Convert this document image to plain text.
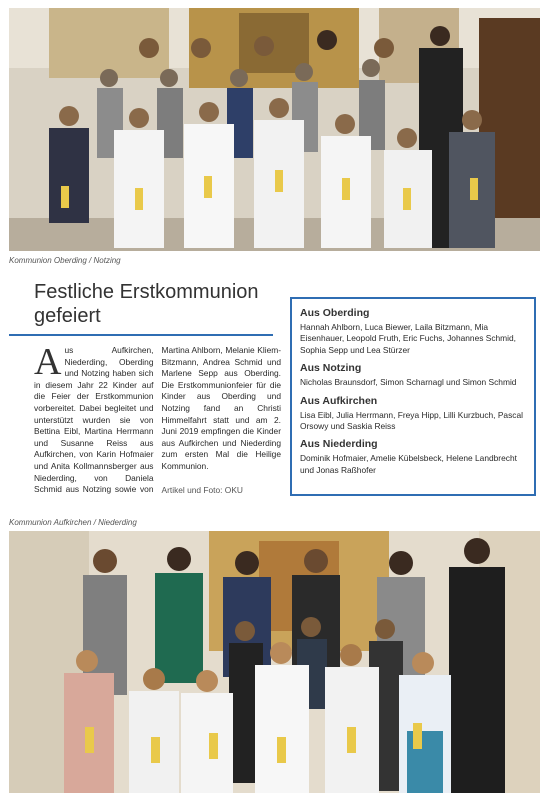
Kommunion Oberding / Notzing
Festliche Erstkommunion gefeiert

Aus Aufkirchen, Niederding, Oberding und Notzing haben sich in diesem Jahr 22 Kinder auf die Feier der Erstkommunion vorbereitet. Dabei begleitet und unterstützt wurden sie von Bettina Eibl, Martina Herrmann und Susanne Reiss aus Aufkirchen, von Karin Hofmaier und Anita Kollmannsberger aus Niederding, von Daniela Schmid aus Notzing sowie von Martina Ahlborn, Melanie Kliem-Bitzmann, Andrea Schmid und Marlene Sepp aus Oberding. Die Erstkommunionfeier für die Kinder aus Oberding und Notzing fand an Christi Himmelfahrt statt und am 2. Juni 2019 empfingen die Kinder aus Aufkirchen und Niederding zum ersten Mal die Heilige Kommunion.

Artikel und Foto: OKU

Aus Oberding

Hannah Ahlborn, Luca Biewer, Laila Bitzmann, Mia Eisenhauer, Leopold Fruth, Eric Fuchs, Johannes Schmid, Sophia Sepp und Lea Stürzer

Aus Notzing

Nicholas Braunsdorf, Simon Scharnagl und Simon Schmid

Aus Aufkirchen

Lisa Eibl, Julia Herrmann, Freya Hipp, Lilli Kurzbuch, Pascal Orsowy und Saskia Reiss

Aus Niederding

Dominik Hofmaier, Amelie Kübelsbeck, Helene Landbrecht und Jonas Raßhofer

Kommunion Aufkirchen / Niederding
